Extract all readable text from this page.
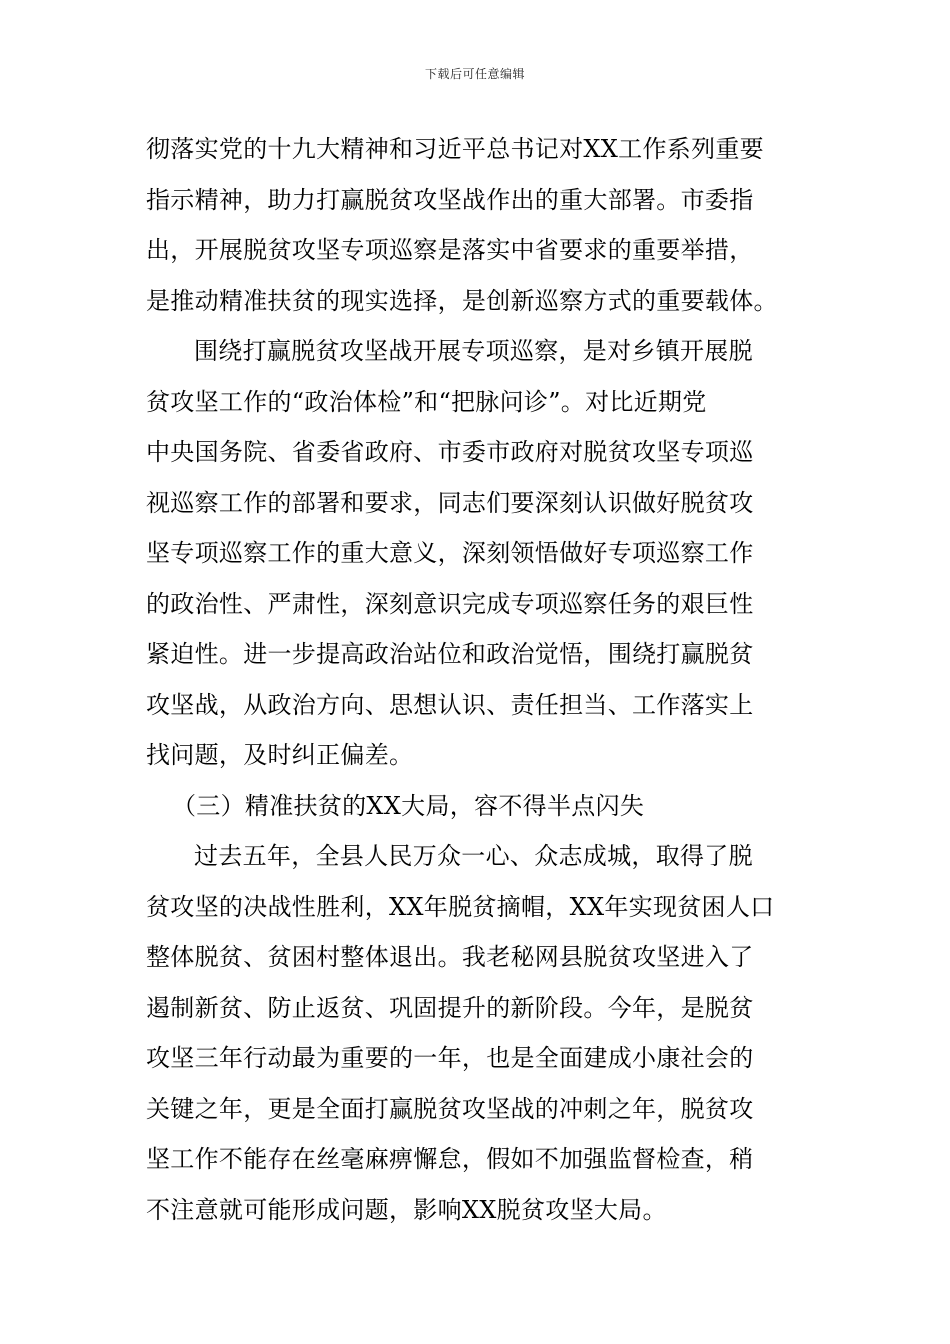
下载后可任意编辑

彻落实党的十九大精神和习近平总书记对XX工作系列重要
指示精神，助力打赢脱贫攻坚战作出的重大部署。市委指
出，开展脱贫攻坚专项巡察是落实中省要求的重要举措，
是推动精准扶贫的现实选择，是创新巡察方式的重要载体。

围绕打赢脱贫攻坚战开展专项巡察，是对乡镇开展脱
贫攻坚工作的“政治体检”和“把脉问诊”。对比近期党
中央国务院、省委省政府、市委市政府对脱贫攻坚专项巡
视巡察工作的部署和要求，同志们要深刻认识做好脱贫攻
坚专项巡察工作的重大意义，深刻领悟做好专项巡察工作
的政治性、严肃性，深刻意识完成专项巡察任务的艰巨性
紧迫性。进一步提高政治站位和政治觉悟，围绕打赢脱贫
攻坚战，从政治方向、思想认识、责任担当、工作落实上
找问题，及时纠正偏差。

（三）精准扶贫的XX大局，容不得半点闪失

过去五年，全县人民万众一心、众志成城，取得了脱
贫攻坚的决战性胜利，XX年脱贫摘帽，XX年实现贫困人口
整体脱贫、贫困村整体退出。我老秘网县脱贫攻坚进入了
遏制新贫、防止返贫、巩固提升的新阶段。今年，是脱贫
攻坚三年行动最为重要的一年，也是全面建成小康社会的
关键之年，更是全面打赢脱贫攻坚战的冲刺之年，脱贫攻
坚工作不能存在丝毫麻痹懈怠，假如不加强监督检查，稍
不注意就可能形成问题，影响XX脱贫攻坚大局。
